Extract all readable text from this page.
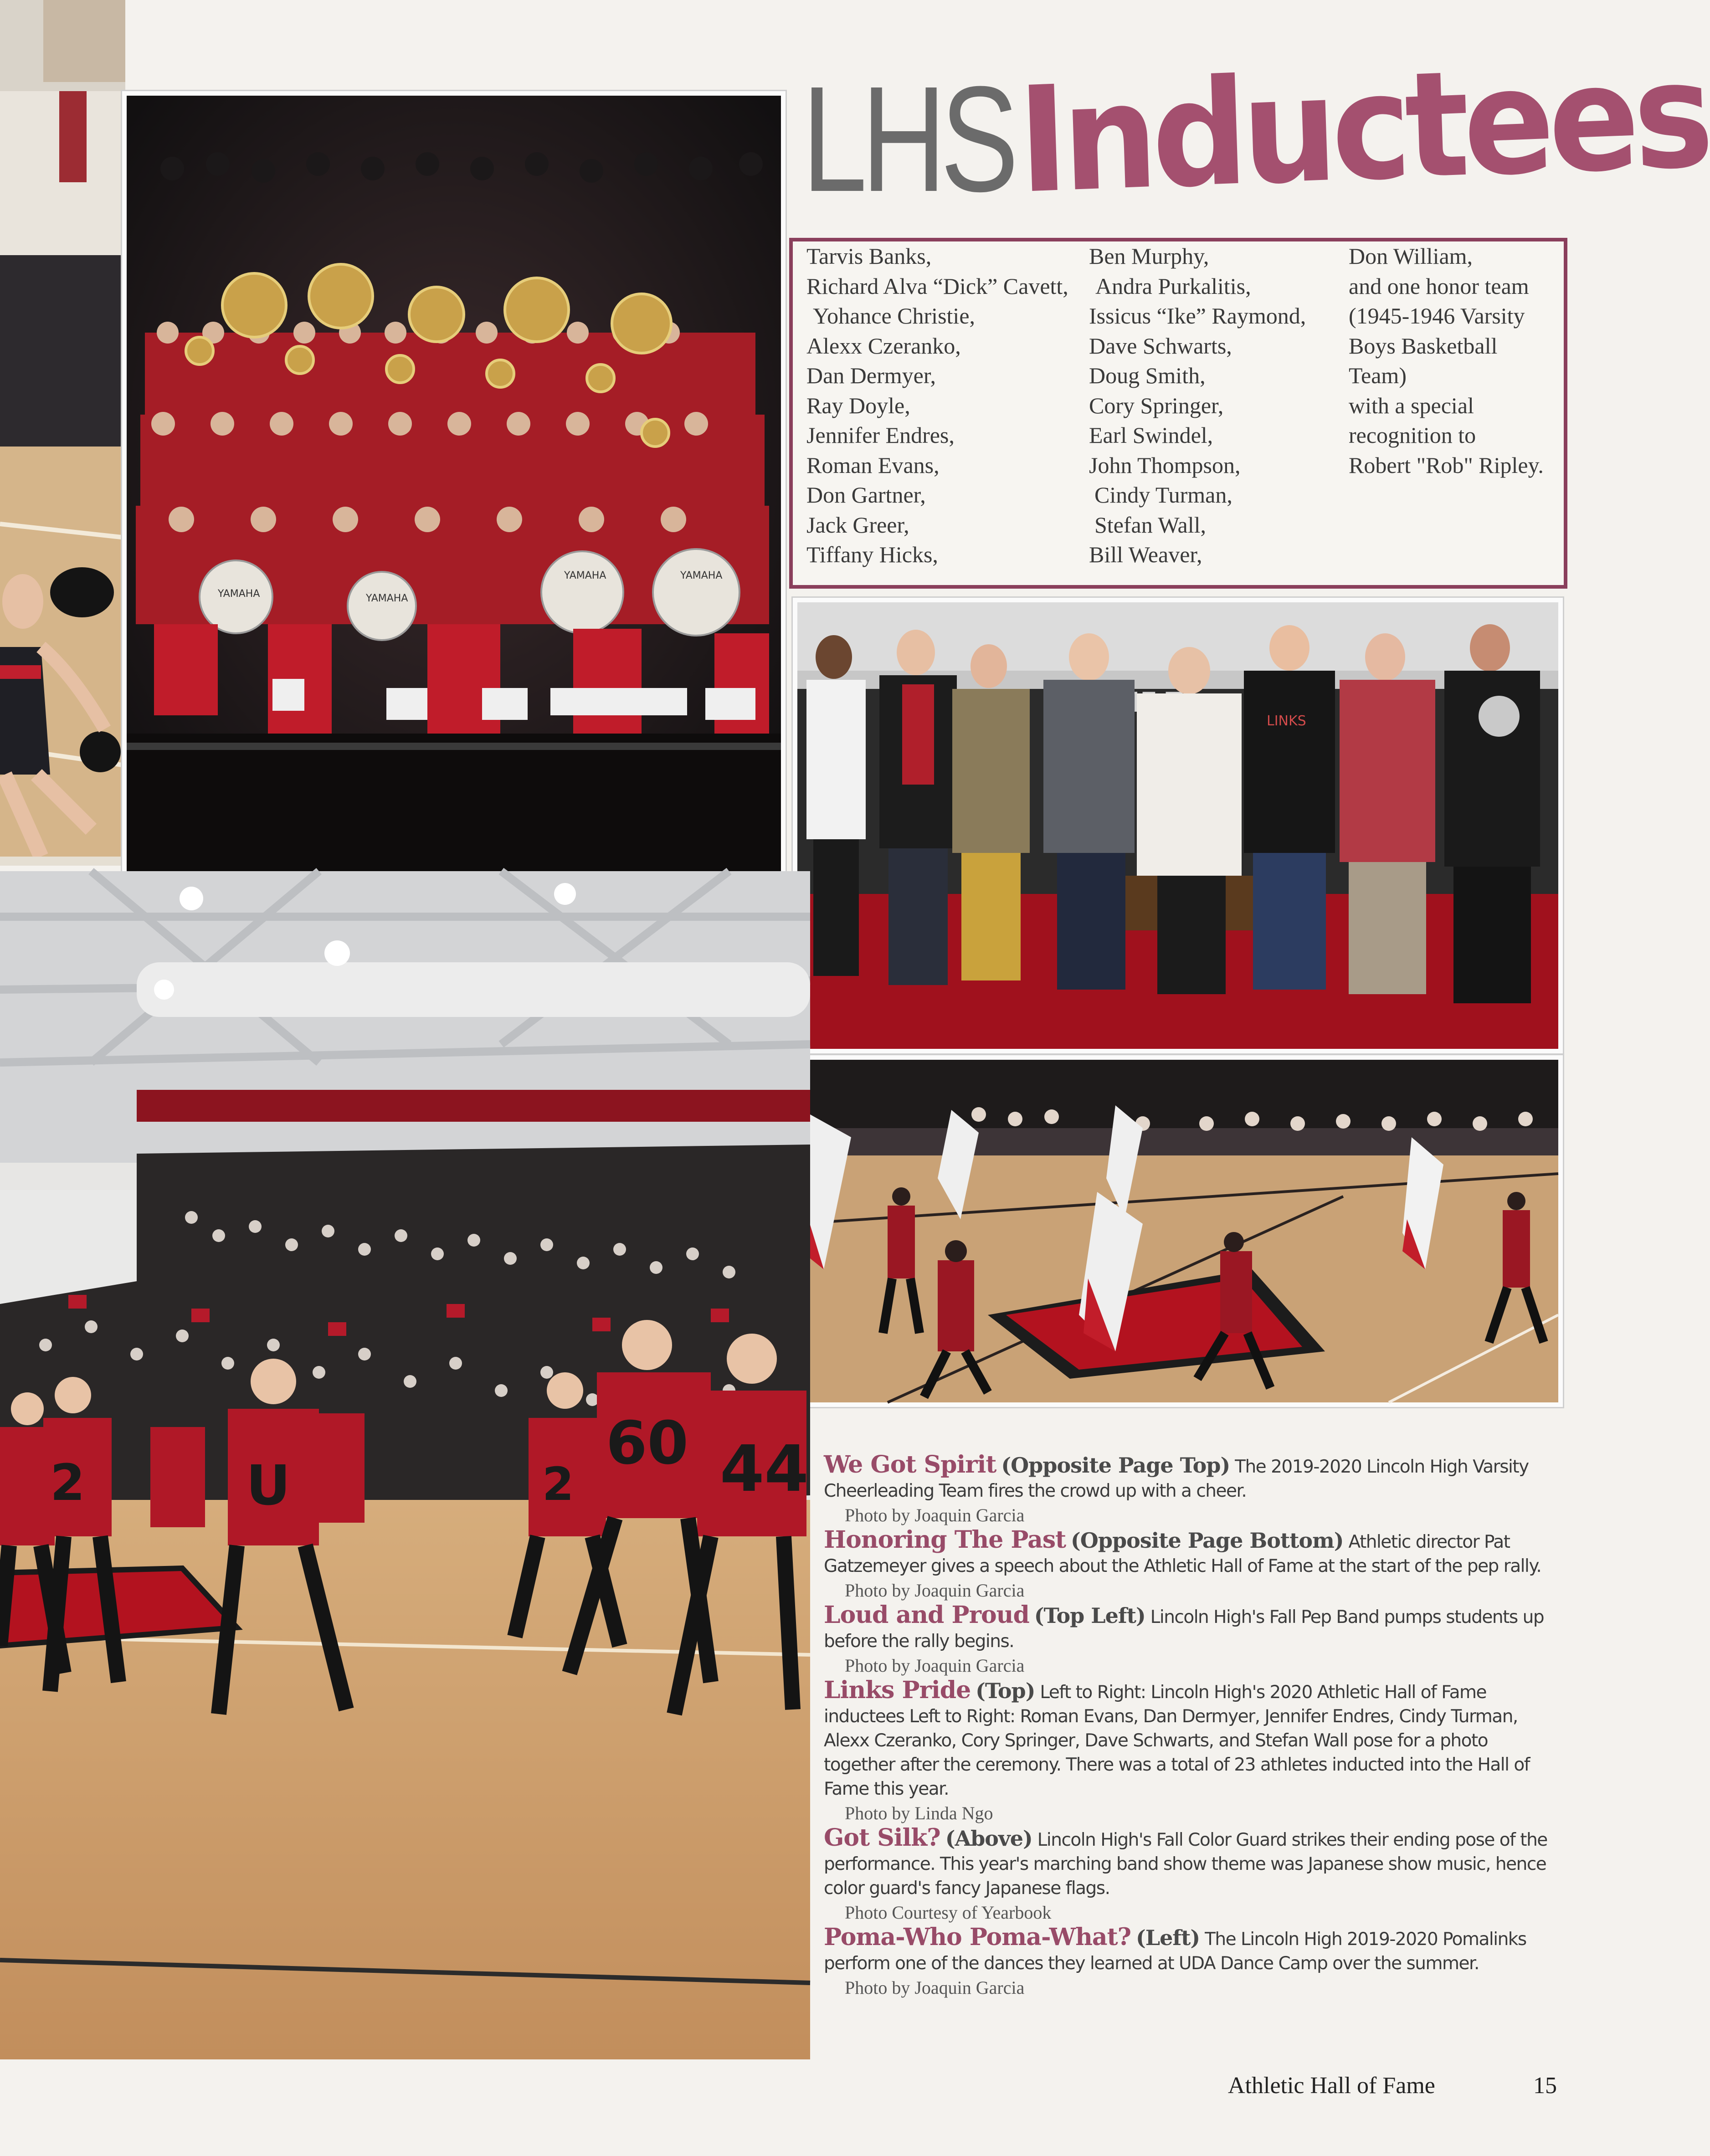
YAMAHA	YAMAHA
YAMAHA	YAMAHA
LHS Inductees
Tarvis Banks,
Richard Alva “Dick” Cavett,
Yohance Christie,
Alexx Czeranko,
Dan Dermyer,
Ray Doyle,
Jennifer Endres,
Roman Evans,
Don Gartner,
Jack Greer,
Tiffany Hicks,
Ben Murphy,
Andra Purkalitis,
Issicus “Ike” Raymond,
Dave Schwarts,
Doug Smith,
Cory Springer,
Earl Swindel,
John Thompson,
Cindy Turman,
Stefan Wall,
Bill Weaver,
Don William,
and one honor team
(1945-1946 Varsity
Boys Basketball
Team)
with a special
recognition to
Robert "Rob" Ripley.
ME
LINKS
2	U
60 44
2	We Got Spirit (Opposite Page Top) The 2019-2020 Lincoln High Varsity Cheerleading Team fires the crowd up with a cheer.
Photo by Joaquin Garcia
Honoring The Past (Opposite Page Bottom) Athletic director Pat Gatzemeyer gives a speech about the Athletic Hall of Fame at the start of the pep rally.
Photo by Joaquin Garcia
Loud and Proud (Top Left) Lincoln High's Fall Pep Band pumps students up before the rally begins.
Photo by Joaquin Garcia
Links Pride (Top) Left to Right: Lincoln High's 2020 Athletic Hall of Fame inductees Left to Right: Roman Evans, Dan Dermyer, Jennifer Endres, Cindy Turman, Alexx Czeranko, Cory Springer, Dave Schwarts, and Stefan Wall pose for a photo together after the ceremony. There was a total of 23 athletes inducted into the Hall of Fame this year.
Photo by Linda Ngo
Got Silk? (Above) Lincoln High's Fall Color Guard strikes their ending pose of the performance. This year's marching band show theme was Japanese show music, hence color guard's fancy Japanese flags.
Photo Courtesy of Yearbook
Poma-Who Poma-What? (Left) The Lincoln High 2019-2020 Pomalinks perform one of the dances they learned at UDA Dance Camp over the summer.
Photo by Joaquin Garcia
Athletic Hall of Fame	15
